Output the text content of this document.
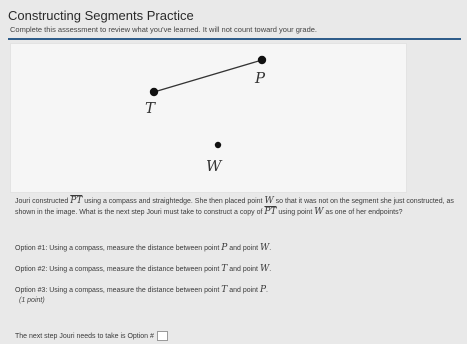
Constructing Segments Practice
Complete this assessment to review what you've learned. It will not count toward your grade.
P
T
W
Jouri constructed $\overline{PT}$ using a compass and straightedge. She then placed point W so that it was not on the segment she just constructed, as shown in the image. What is the next step Jouri must take to construct a copy of $\overline{PT}$ using point W as one of her endpoints?
Option #1: Using a compass, measure the distance between point P and point W.
Option #2: Using a compass, measure the distance between point T and point W.
Option #3: Using a compass, measure the distance between point T and point P.
(1 point)
The next step Jouri needs to take is Option #
